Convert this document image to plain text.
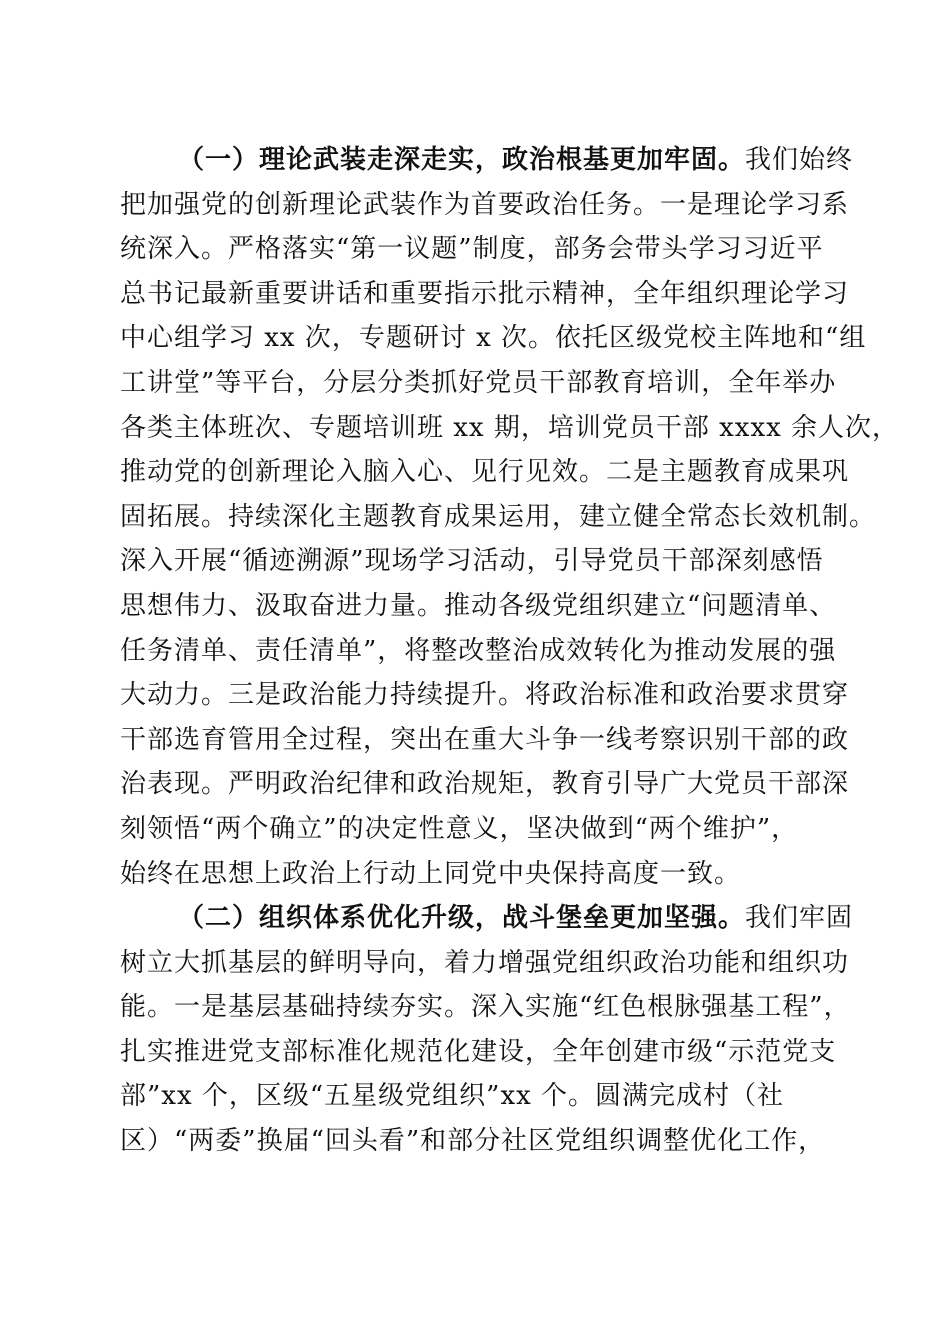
（一）理论武装走深走实，政治根基更加牢固。我们始终
把加强党的创新理论武装作为首要政治任务。一是理论学习系
统深入。严格落实“第一议题”制度，部务会带头学习习近平
总书记最新重要讲话和重要指示批示精神，全年组织理论学习
中心组学习 xx 次，专题研讨 x 次。依托区级党校主阵地和“组
工讲堂”等平台，分层分类抓好党员干部教育培训，全年举办
各类主体班次、专题培训班 xx 期，培训党员干部 xxxx 余人次，
推动党的创新理论入脑入心、见行见效。二是主题教育成果巩
固拓展。持续深化主题教育成果运用，建立健全常态长效机制。
深入开展“循迹溯源”现场学习活动，引导党员干部深刻感悟
思想伟力、汲取奋进力量。推动各级党组织建立“问题清单、
任务清单、责任清单”，将整改整治成效转化为推动发展的强
大动力。三是政治能力持续提升。将政治标准和政治要求贯穿
干部选育管用全过程，突出在重大斗争一线考察识别干部的政
治表现。严明政治纪律和政治规矩，教育引导广大党员干部深
刻领悟“两个确立”的决定性意义，坚决做到“两个维护”，
始终在思想上政治上行动上同党中央保持高度一致。
（二）组织体系优化升级，战斗堡垒更加坚强。我们牢固
树立大抓基层的鲜明导向，着力增强党组织政治功能和组织功
能。一是基层基础持续夯实。深入实施“红色根脉强基工程”，
扎实推进党支部标准化规范化建设，全年创建市级“示范党支
部”xx 个，区级“五星级党组织”xx 个。圆满完成村（社
区）“两委”换届“回头看”和部分社区党组织调整优化工作，
